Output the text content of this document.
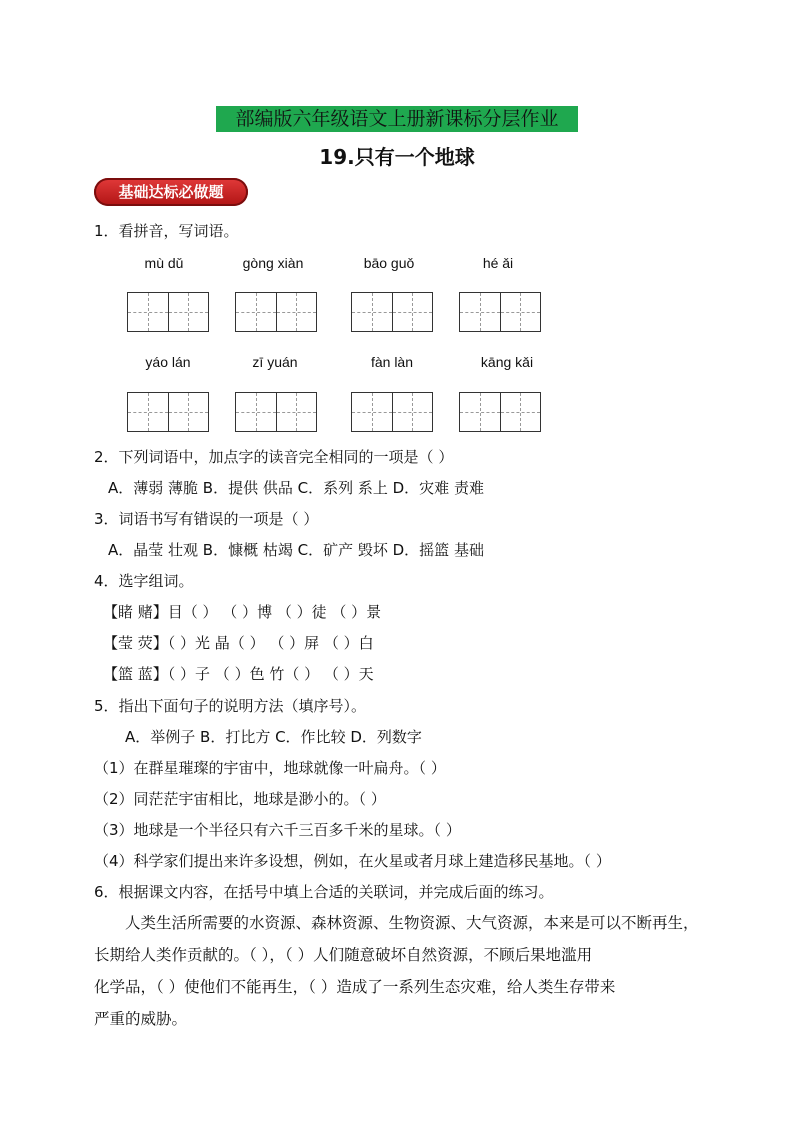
部编版六年级语文上册新课标分层作业
19.只有一个地球
基础达标必做题
1．看拼音，写词语。
mù dǔ	gòng xiàn	bāo guǒ	hé ǎi
yáo lán	zī yuán	fàn làn	kāng kǎi
2．下列词语中，加点字的读音完全相同的一项是（ ）
A．薄弱 薄脆 B．提供 供品 C．系列 系上 D．灾难 责难
3．词语书写有错误的一项是（ ）
A．晶莹 壮观 B．慷概 枯竭 C．矿产 毁坏 D．摇篮 基础
4．选字组词。
【睹 赌】目（ ） （ ）博 （ ）徒 （ ）景
【莹 荧】（ ）光 晶（ ） （ ）屏 （ ）白
【篮 蓝】（ ）子 （ ）色 竹（ ） （ ）天
5．指出下面句子的说明方法（填序号）。
A．举例子 B．打比方 C．作比较 D．列数字
（1）在群星璀璨的宇宙中，地球就像一叶扁舟。（ ）
（2）同茫茫宇宙相比，地球是渺小的。（ ）
（3）地球是一个半径只有六千三百多千米的星球。（ ）
（4）科学家们提出来许多设想，例如，在火星或者月球上建造移民基地。（ ）
6．根据课文内容，在括号中填上合适的关联词，并完成后面的练习。
人类生活所需要的水资源、森林资源、生物资源、大气资源，本来是可以不断再生，
长期给人类作贡献的。（ ），（ ）人们随意破坏自然资源，不顾后果地滥用
化学品，（ ）使他们不能再生，（ ）造成了一系列生态灾难，给人类生存带来
严重的威胁。
